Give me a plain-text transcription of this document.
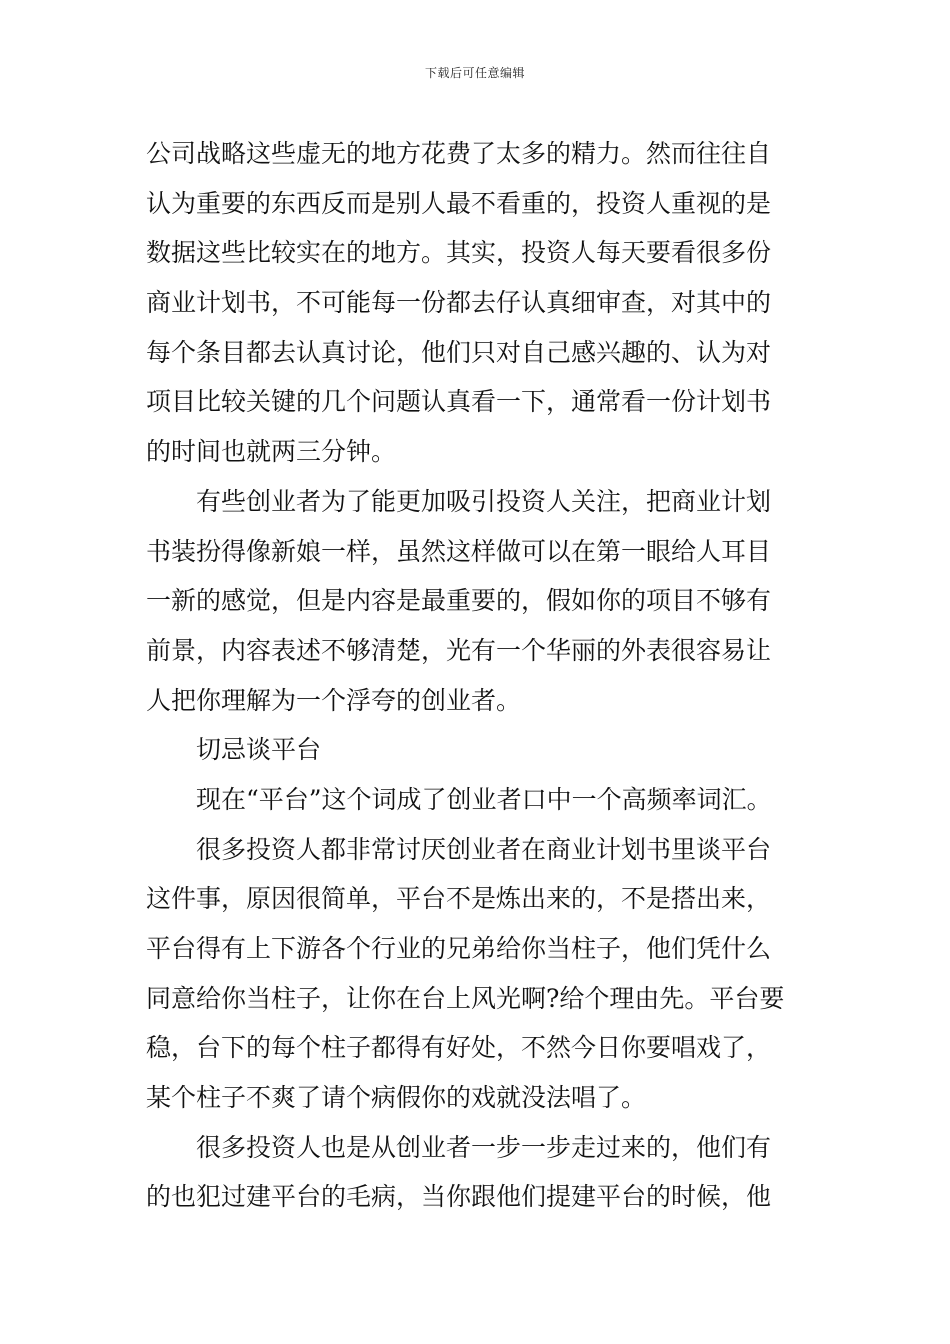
下载后可任意编辑
公司战略这些虚无的地方花费了太多的精力。然而往往自
认为重要的东西反而是别人最不看重的，投资人重视的是
数据这些比较实在的地方。其实，投资人每天要看很多份
商业计划书，不可能每一份都去仔认真细审查，对其中的
每个条目都去认真讨论，他们只对自己感兴趣的、认为对
项目比较关键的几个问题认真看一下，通常看一份计划书
的时间也就两三分钟。
有些创业者为了能更加吸引投资人关注，把商业计划
书装扮得像新娘一样，虽然这样做可以在第一眼给人耳目
一新的感觉，但是内容是最重要的，假如你的项目不够有
前景，内容表述不够清楚，光有一个华丽的外表很容易让
人把你理解为一个浮夸的创业者。
切忌谈平台
现在“平台”这个词成了创业者口中一个高频率词汇。
很多投资人都非常讨厌创业者在商业计划书里谈平台
这件事，原因很简单，平台不是炼出来的，不是搭出来，
平台得有上下游各个行业的兄弟给你当柱子，他们凭什么
同意给你当柱子，让你在台上风光啊?给个理由先。平台要
稳，台下的每个柱子都得有好处，不然今日你要唱戏了，
某个柱子不爽了请个病假你的戏就没法唱了。
很多投资人也是从创业者一步一步走过来的，他们有
的也犯过建平台的毛病，当你跟他们提建平台的时候，他
